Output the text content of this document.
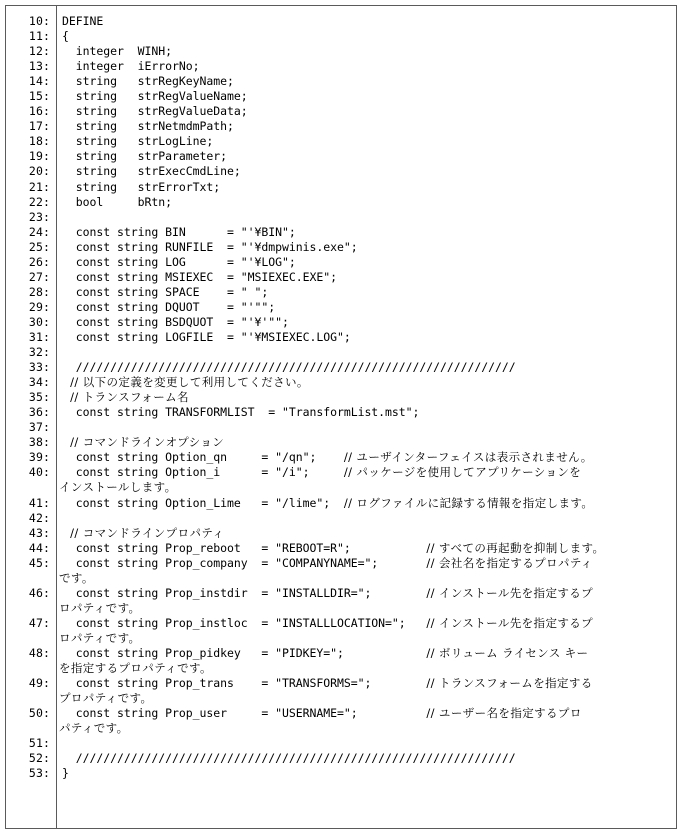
10: DEFINE
11: {
12: integer  WINH;
13: integer  iErrorNo;
14: string   strRegKeyName;
15: string   strRegValueName;
16: string   strRegValueData;
17: string   strNetmdmPath;
18: string   strLogLine;
19: string   strParameter;
20: string   strExecCmdLine;
21: string   strErrorTxt;
22: bool     bRtn;
23:
24: const string BIN      = "'¥BIN";
25: const string RUNFILE  = "'¥dmpwinis.exe";
26: const string LOG      = "'¥LOG";
27: const string MSIEXEC  = "MSIEXEC.EXE";
28: const string SPACE    = " ";
29: const string DQUOT    = "'"";
30: const string BSDQUOT  = "'¥'"";
31: const string LOGFILE  = "'¥MSIEXEC.LOG";
32:
33: ////////////////////////////////////////////////////////////////
34: // 以下の定義を変更して利用してください。
35: // トランスフォーム名
36: const string TRANSFORMLIST  = "TransformList.mst";
37:
38: // コマンドラインオプション
39: const string Option_qn     = "/qn";    // ユーザインターフェイスは表示されません。
40: const string Option_i      = "/i";     // パッケージを使用してアプリケーションを
インストールします。
41: const string Option_Lime   = "/lime";  // ログファイルに記録する情報を指定します。
42:
43: // コマンドラインプロパティ
44: const string Prop_reboot   = "REBOOT=R";           // すべての再起動を抑制します。
45: const string Prop_company  = "COMPANYNAME=";       // 会社名を指定するプロパティ
です。
46: const string Prop_instdir  = "INSTALLDIR=";        // インストール先を指定するプ
ロパティです。
47: const string Prop_instloc  = "INSTALLLOCATION=";   // インストール先を指定するプ
ロパティです。
48: const string Prop_pidkey   = "PIDKEY=";            // ボリューム ライセンス キー
を指定するプロパティです。
49: const string Prop_trans    = "TRANSFORMS=";        // トランスフォームを指定する
プロパティです。
50: const string Prop_user     = "USERNAME=";          // ユーザー名を指定するプロ
パティです。
51:
52: ////////////////////////////////////////////////////////////////
53: }
